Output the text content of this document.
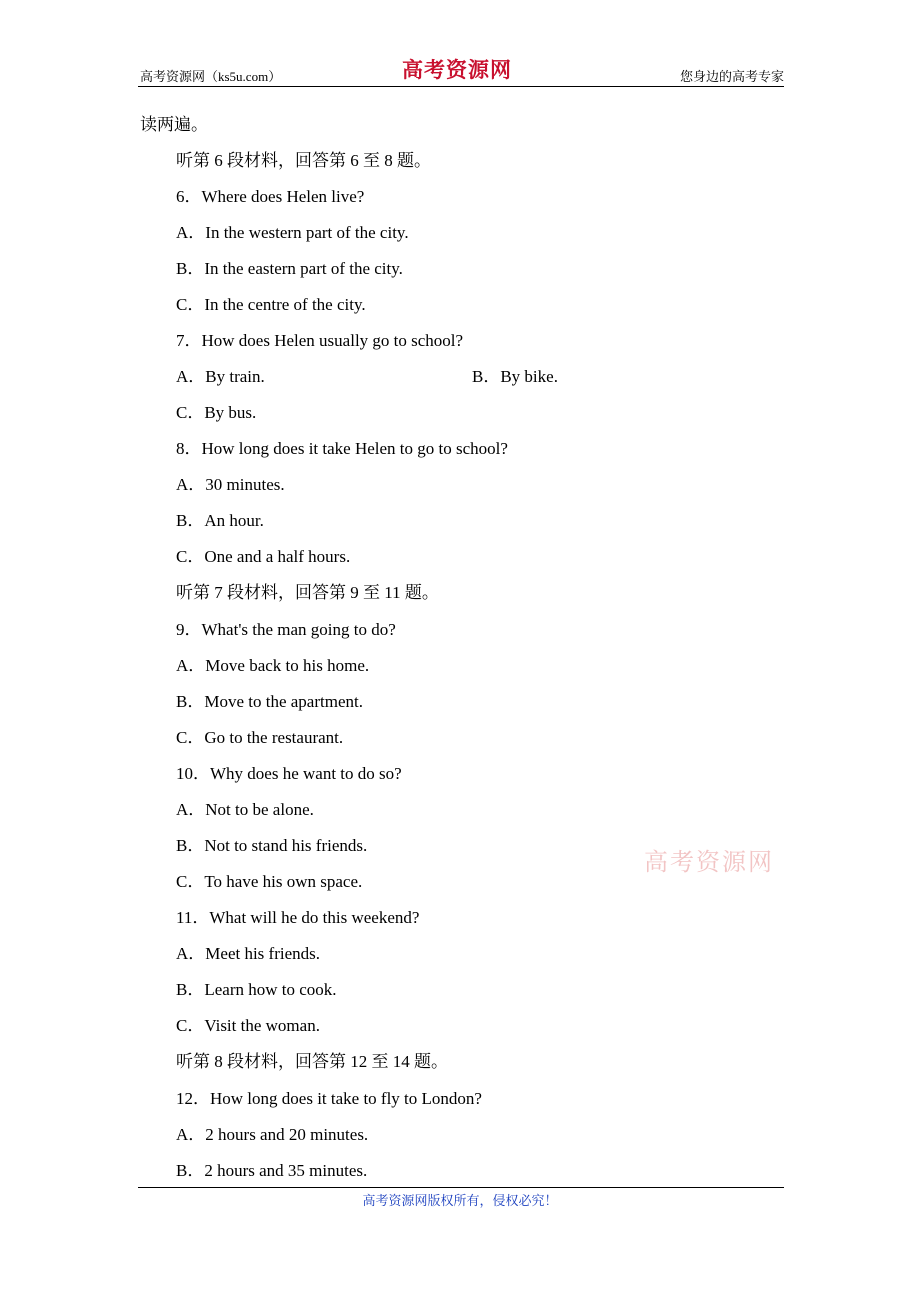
高考资源网（ks5u.com）	高考资源网	您身边的高考专家
读两遍。
听第 6 段材料，回答第 6 至 8 题。
6．Where does Helen live?
A．In the western part of the city.
B．In the eastern part of the city.
C．In the centre of the city.
7．How does Helen usually go to school?
A．By train.	B．By bike.
C．By bus.
8．How long does it take Helen to go to school?
A．30 minutes.
B．An hour.
C．One and a half hours.
听第 7 段材料，回答第 9 至 11 题。
9．What's the man going to do?
A．Move back to his home.
B．Move to the apartment.
C．Go to the restaurant.
10．Why does he want to do so?
A．Not to be alone.
B．Not to stand his friends.
C．To have his own space.
11．What will he do this weekend?
A．Meet his friends.
B．Learn how to cook.
C．Visit the woman.
听第 8 段材料，回答第 12 至 14 题。
12．How long does it take to fly to London?
A．2 hours and 20 minutes.
B．2 hours and 35 minutes.
高考资源网
高考资源网版权所有，侵权必究！
